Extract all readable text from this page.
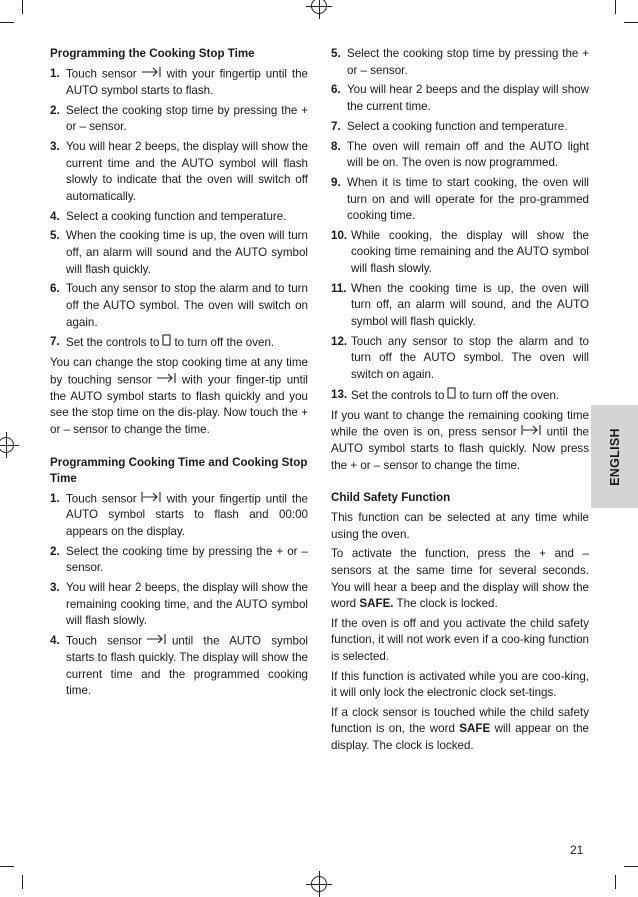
Programming the Cooking Stop Time
1. Touch sensor	with your fingertip until the AUTO symbol starts to flash.
2. Select the cooking stop time by pressing the + or – sensor.
3. You will hear 2 beeps, the display will show the current time and the AUTO symbol will flash slowly to indicate that the oven will switch off automatically.
4. Select a cooking function and temperature.
5. When the cooking time is up, the oven will turn off, an alarm will sound and the AUTO symbol will flash quickly.
6. Touch any sensor to stop the alarm and to turn off the AUTO symbol. The oven will switch on again.
7. Set the controls to to turn off the oven.

You can change the stop cooking time at any time by touching sensor	with your finger-tip until the AUTO symbol starts to flash quickly and you see the stop time on the dis-play. Now touch the + or – sensor to change the time.

Programming Cooking Time and Cooking Stop Time
1. Touch sensor	with your fingertip until the AUTO symbol starts to flash and 00:00 appears on the display.
2. Select the cooking time by pressing the + or – sensor.
3. You will hear 2 beeps, the display will show the remaining cooking time, and the AUTO symbol will flash slowly.
4. Touch sensor	until the AUTO symbol starts to flash quickly. The display will show the current time and the programmed cooking time.
5. Select the cooking stop time by pressing the + or – sensor.
6. You will hear 2 beeps and the display will show the current time.
7. Select a cooking function and temperature.
8. The oven will remain off and the AUTO light will be on. The oven is now programmed.
9. When it is time to start cooking, the oven will turn on and will operate for the pro-grammed cooking time.
10. While cooking, the display will show the cooking time remaining and the AUTO symbol will flash slowly.
11. When the cooking time is up, the oven will turn off, an alarm will sound, and the AUTO symbol will flash quickly.
12. Touch any sensor to stop the alarm and to turn off the AUTO symbol. The oven will switch on again.
13. Set the controls to to turn off the oven.

If you want to change the remaining cooking time while the oven is on, press sensor	until the AUTO symbol starts to flash quickly. Now press the + or – sensor to change the time.

Child Safety Function

This function can be selected at any time while using the oven.

To activate the function, press the + and – sensors at the same time for several seconds. You will hear a beep and the display will show the word SAFE. The clock is locked.

If the oven is off and you activate the child safety function, it will not work even if a coo-king function is selected.

If this function is activated while you are coo-king, it will only lock the electronic clock set-tings.

If a clock sensor is touched while the child safety function is on, the word SAFE will appear on the display. The clock is locked.

ENGLISH
21
